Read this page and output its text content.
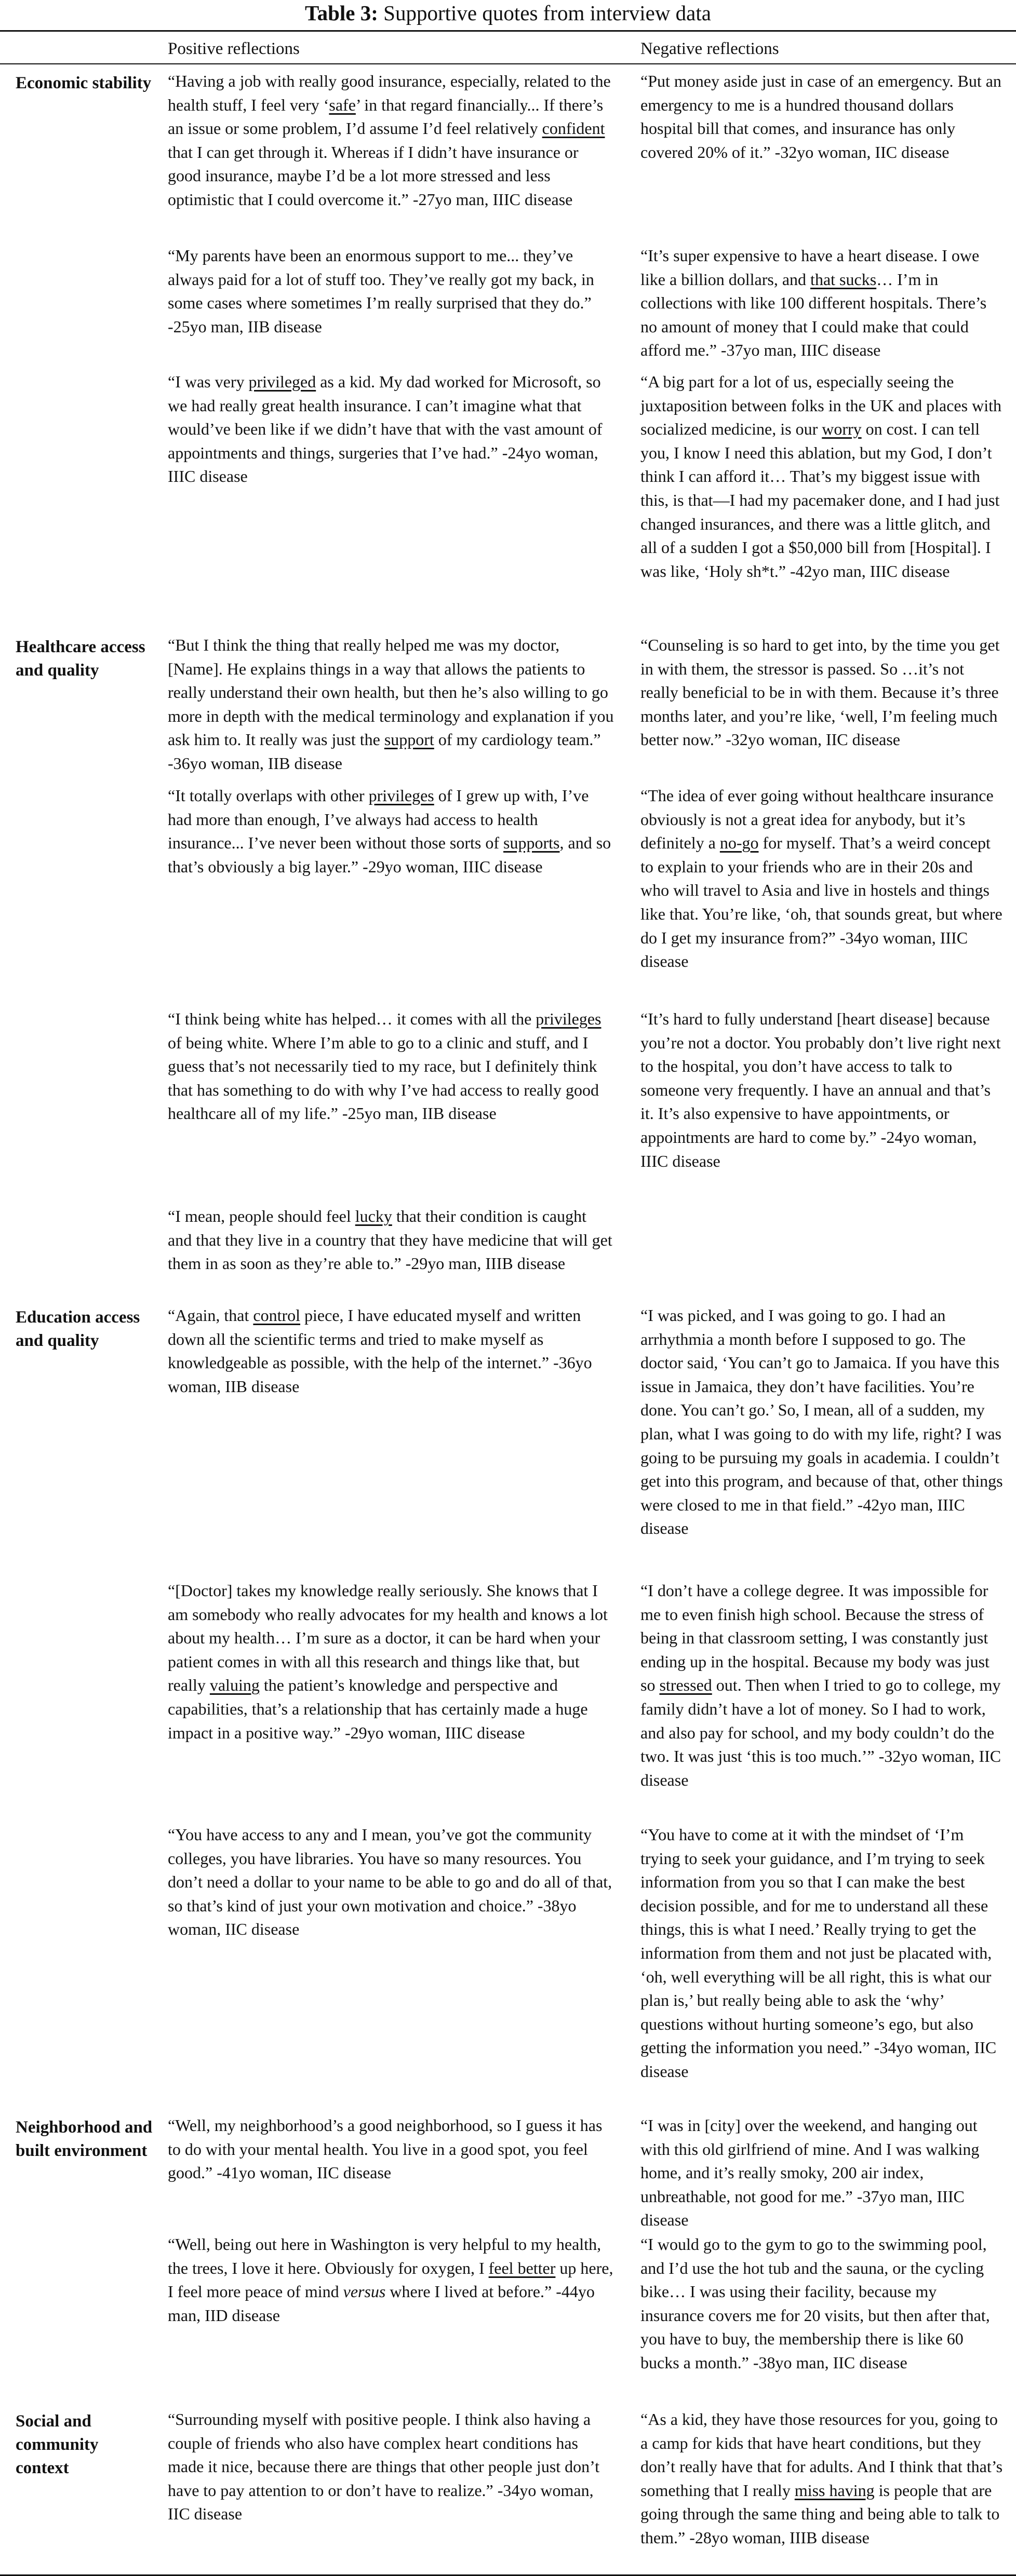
Table 3: Supportive quotes from interview data
Positive reflections	Negative reflections
Economic stability “Having a job with really good insurance, especially, related to the health stuff, I feel very ‘safe’ in that regard financially... If there’s an issue or some problem, I’d assume I’d feel relatively confident that I can get through it. Whereas if I didn’t have insurance or good insurance, maybe I’d be a lot more stressed and less optimistic that I could overcome it.” -27yo man, IIIC disease
“My parents have been an enormous support to me... they’ve always paid for a lot of stuff too. They’ve really got my back, in some cases where sometimes I’m really surprised that they do.” -25yo man, IIB disease
“I was very privileged as a kid. My dad worked for Microsoft, so we had really great health insurance. I can’t imagine what that would’ve been like if we didn’t have that with the vast amount of appointments and things, surgeries that I’ve had.” -24yo woman, IIIC disease
“Put money aside just in case of an emergency. But an emergency to me is a hundred thousand dollars hospital bill that comes, and insurance has only covered 20% of it.” -32yo woman, IIC disease
“It’s super expensive to have a heart disease. I owe like a billion dollars, and that sucks… I’m in collections with like 100 different hospitals. There’s no amount of money that I could make that could afford me.” -37yo man, IIIC disease
“A big part for a lot of us, especially seeing the juxtaposition between folks in the UK and places with socialized medicine, is our worry on cost. I can tell you, I know I need this ablation, but my God, I don’t think I can afford it… That’s my biggest issue with this, is that—I had my pacemaker done, and I had just changed insurances, and there was a little glitch, and all of a sudden I got a $50,000 bill from [Hospital]. I was like, ‘Holy sh*t.” -42yo man, IIIC disease
Healthcare access and quality
“But I think the thing that really helped me was my doctor, [Name]. He explains things in a way that allows the patients to really understand their own health, but then he’s also willing to go more in depth with the medical terminology and explanation if you ask him to. It really was just the support of my cardiology team.” -36yo woman, IIB disease
“It totally overlaps with other privileges of I grew up with, I’ve had more than enough, I’ve always had access to health insurance... I’ve never been without those sorts of supports, and so that’s obviously a big layer.” -29yo woman, IIIC disease
“I think being white has helped… it comes with all the privileges of being white. Where I’m able to go to a clinic and stuff, and I guess that’s not necessarily tied to my race, but I definitely think that has something to do with why I’ve had access to really good healthcare all of my life.” -25yo man, IIB disease
“I mean, people should feel lucky that their condition is caught and that they live in a country that they have medicine that will get them in as soon as they’re able to.” -29yo man, IIIB disease
“Counseling is so hard to get into, by the time you get in with them, the stressor is passed. So …it’s not really beneficial to be in with them. Because it’s three months later, and you’re like, ‘well, I’m feeling much better now.” -32yo woman, IIC disease
“The idea of ever going without healthcare insurance obviously is not a great idea for anybody, but it’s definitely a no-go for myself. That’s a weird concept to explain to your friends who are in their 20s and who will travel to Asia and live in hostels and things like that. You’re like, ‘oh, that sounds great, but where do I get my insurance from?” -34yo woman, IIIC disease
“It’s hard to fully understand [heart disease] because you’re not a doctor. You probably don’t live right next to the hospital, you don’t have access to talk to someone very frequently. I have an annual and that’s it. It’s also expensive to have appointments, or appointments are hard to come by.” -24yo woman, IIIC disease
Education access and quality
“Again, that control piece, I have educated myself and written down all the scientific terms and tried to make myself as knowledgeable as possible, with the help of the internet.” -36yo woman, IIB disease
“[Doctor] takes my knowledge really seriously. She knows that I am somebody who really advocates for my health and knows a lot about my health… I’m sure as a doctor, it can be hard when your patient comes in with all this research and things like that, but really valuing the patient’s knowledge and perspective and capabilities, that’s a relationship that has certainly made a huge impact in a positive way.” -29yo woman, IIIC disease
“You have access to any and I mean, you’ve got the community colleges, you have libraries. You have so many resources. You don’t need a dollar to your name to be able to go and do all of that, so that’s kind of just your own motivation and choice.” -38yo woman, IIC disease
“I was picked, and I was going to go. I had an arrhythmia a month before I supposed to go. The doctor said, ‘You can’t go to Jamaica. If you have this issue in Jamaica, they don’t have facilities. You’re done. You can’t go.’ So, I mean, all of a sudden, my plan, what I was going to do with my life, right? I was going to be pursuing my goals in academia. I couldn’t get into this program, and because of that, other things were closed to me in that field.” -42yo man, IIIC disease
“I don’t have a college degree. It was impossible for me to even finish high school. Because the stress of being in that classroom setting, I was constantly just ending up in the hospital. Because my body was just so stressed out. Then when I tried to go to college, my family didn’t have a lot of money. So I had to work, and also pay for school, and my body couldn’t do the two. It was just ‘this is too much.’” -32yo woman, IIC disease
“You have to come at it with the mindset of ‘I’m trying to seek your guidance, and I’m trying to seek information from you so that I can make the best decision possible, and for me to understand all these things, this is what I need.’ Really trying to get the information from them and not just be placated with, ‘oh, well everything will be all right, this is what our plan is,’ but really being able to ask the ‘why’ questions without hurting someone’s ego, but also getting the information you need.” -34yo woman, IIC disease
Neighborhood and built environment
“Well, my neighborhood’s a good neighborhood, so I guess it has to do with your mental health. You live in a good spot, you feel good.” -41yo woman, IIC disease
“Well, being out here in Washington is very helpful to my health, the trees, I love it here. Obviously for oxygen, I feel better up here, I feel more peace of mind versus where I lived at before.” -44yo man, IID disease
“I was in [city] over the weekend, and hanging out with this old girlfriend of mine. And I was walking home, and it’s really smoky, 200 air index, unbreathable, not good for me.” -37yo man, IIIC disease
“I would go to the gym to go to the swimming pool, and I’d use the hot tub and the sauna, or the cycling bike… I was using their facility, because my insurance covers me for 20 visits, but then after that, you have to buy, the membership there is like 60 bucks a month.” -38yo man, IIC disease
Social and community context
“Surrounding myself with positive people. I think also having a couple of friends who also have complex heart conditions has made it nice, because there are things that other people just don’t have to pay attention to or don’t have to realize.” -34yo woman, IIC disease
“As a kid, they have those resources for you, going to a camp for kids that have heart conditions, but they don’t really have that for adults. And I think that that’s something that I really miss having is people that are going through the same thing and being able to talk to them.” -28yo woman, IIIB disease
